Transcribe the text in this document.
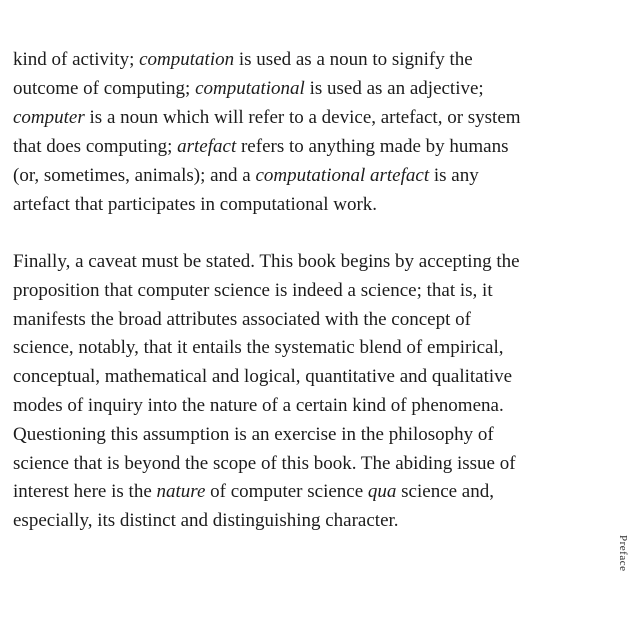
kind of activity; computation is used as a noun to signify the
outcome of computing; computational is used as an adjective;
computer is a noun which will refer to a device, artefact, or system
that does computing; artefact refers to anything made by humans
(or, sometimes, animals); and a computational artefact is any
artefact that participates in computational work.
Finally, a caveat must be stated. This book begins by accepting the
proposition that computer science is indeed a science; that is, it
manifests the broad attributes associated with the concept of
science, notably, that it entails the systematic blend of empirical,
conceptual, mathematical and logical, quantitative and qualitative
modes of inquiry into the nature of a certain kind of phenomena.
Questioning this assumption is an exercise in the philosophy of
science that is beyond the scope of this book. The abiding issue of
interest here is the nature of computer science qua science and,
especially, its distinct and distinguishing character.
Preface
